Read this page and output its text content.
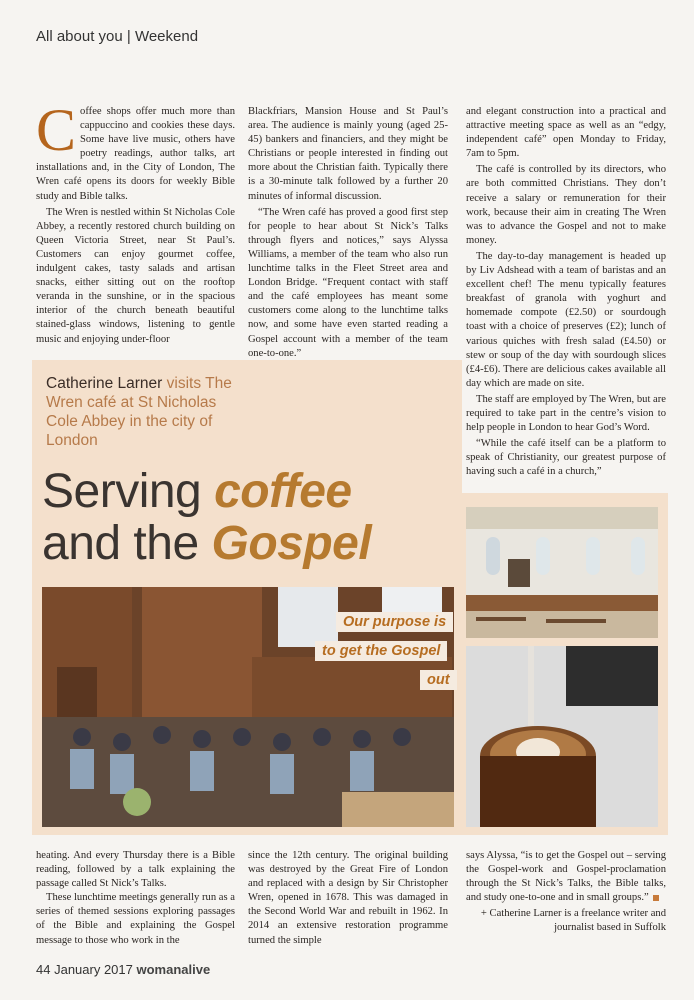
All about you | Weekend
C offee shops offer much more than cappuccino and cookies these days. Some have live music, others have poetry readings, author talks, art installations and, in the City of London, The Wren café opens its doors for weekly Bible study and Bible talks.

The Wren is nestled within St Nicholas Cole Abbey, a recently restored church building on Queen Victoria Street, near St Paul’s. Customers can enjoy gourmet coffee, indulgent cakes, tasty salads and artisan snacks, either sitting out on the rooftop veranda in the sunshine, or in the spacious interior of the church beneath beautiful stained-glass windows, listening to gentle music and enjoying under-floor

Blackfriars, Mansion House and St Paul’s area. The audience is mainly young (aged 25-45) bankers and financiers, and they might be Christians or people interested in finding out more about the Christian faith. Typically there is a 30-minute talk followed by a further 20 minutes of informal discussion.

“The Wren café has proved a good first step for people to hear about St Nick’s Talks through flyers and notices,” says Alyssa Williams, a member of the team who also run lunchtime talks in the Fleet Street area and London Bridge. “Frequent contact with staff and the café employees has meant some customers come along to the lunchtime talks now, and some have even started reading a Gospel account with a member of the team one-to-one.”

and elegant construction into a practical and attractive meeting space as well as an “edgy, independent café” open Monday to Friday, 7am to 5pm.

The café is controlled by its directors, who are both committed Christians. They don’t receive a salary or remuneration for their work, because their aim in creating The Wren was to advance the Gospel and not to make money.

The day-to-day management is headed up by Liv Adshead with a team of baristas and an excellent chef! The menu typically features breakfast of granola with yoghurt and homemade compote (£2.50) or sourdough toast with a choice of preserves (£2); lunch of various quiches with fresh salad (£4.50) or stew or soup of the day with sourdough slices (£4-£6). There are delicious cakes available all day which are made on site.

The staff are employed by The Wren, but are required to take part in the centre’s vision to help people in London to hear God’s Word.

“While the café itself can be a platform to speak of Christianity, our greatest purpose of having such a café in a church,”

Catherine Larner visits The Wren café at St Nicholas Cole Abbey in the city of London
Serving coffee
and the Gospel
Our purpose is
to get the Gospel
out

heating. And every Thursday there is a Bible reading, followed by a talk explaining the passage called St Nick’s Talks.

These lunchtime meetings generally run as a series of themed sessions exploring passages of the Bible and explaining the Gospel message to those who work in the

since the 12th century. The original building was destroyed by the Great Fire of London and replaced with a design by Sir Christopher Wren, opened in 1678. This was damaged in the Second World War and rebuilt in 1962. In 2014 an extensive restoration programme turned the simple

says Alyssa, “is to get the Gospel out – serving the Gospel-work and Gospel-proclamation through the St Nick’s Talks, the Bible talks, and study one-to-one and in small groups.”

+ Catherine Larner is a freelance writer and journalist based in Suffolk

44 January 2017 womanalive
